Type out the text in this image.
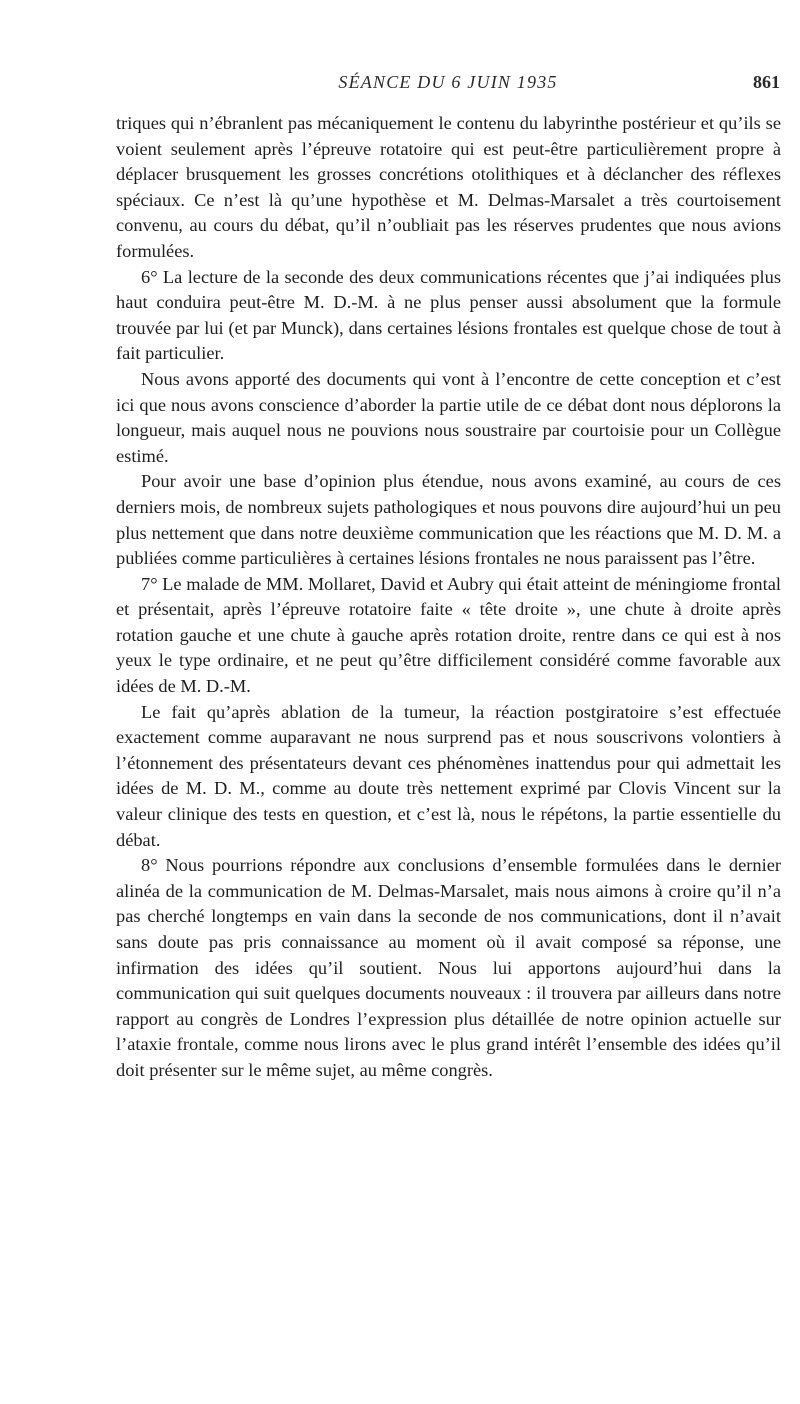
SÉANCE DU 6 JUIN 1935	861

triques qui n’ébranlent pas mécaniquement le contenu du labyrinthe postérieur et qu’ils se voient seulement après l’épreuve rotatoire qui est peut-être particulièrement propre à déplacer brusquement les grosses concrétions otolithiques et à déclancher des réflexes spéciaux. Ce n’est là qu’une hypothèse et M. Delmas-Marsalet a très courtoisement convenu, au cours du débat, qu’il n’oubliait pas les réserves prudentes que nous avions formulées.

6° La lecture de la seconde des deux communications récentes que j’ai indiquées plus haut conduira peut-être M. D.-M. à ne plus penser aussi absolument que la formule trouvée par lui (et par Munck), dans certaines lésions frontales est quelque chose de tout à fait particulier.

Nous avons apporté des documents qui vont à l’encontre de cette conception et c’est ici que nous avons conscience d’aborder la partie utile de ce débat dont nous déplorons la longueur, mais auquel nous ne pouvions nous soustraire par courtoisie pour un Collègue estimé.

Pour avoir une base d’opinion plus étendue, nous avons examiné, au cours de ces derniers mois, de nombreux sujets pathologiques et nous pouvons dire aujourd’hui un peu plus nettement que dans notre deuxième communication que les réactions que M. D. M. a publiées comme particulières à certaines lésions frontales ne nous paraissent pas l’être.

7° Le malade de MM. Mollaret, David et Aubry qui était atteint de méningiome frontal et présentait, après l’épreuve rotatoire faite « tête droite », une chute à droite après rotation gauche et une chute à gauche après rotation droite, rentre dans ce qui est à nos yeux le type ordinaire, et ne peut qu’être difficilement considéré comme favorable aux idées de M. D.-M.

Le fait qu’après ablation de la tumeur, la réaction postgiratoire s’est effectuée exactement comme auparavant ne nous surprend pas et nous souscrivons volontiers à l’étonnement des présentateurs devant ces phénomènes inattendus pour qui admettait les idées de M. D. M., comme au doute très nettement exprimé par Clovis Vincent sur la valeur clinique des tests en question, et c’est là, nous le répétons, la partie essentielle du débat.

8° Nous pourrions répondre aux conclusions d’ensemble formulées dans le dernier alinéa de la communication de M. Delmas-Marsalet, mais nous aimons à croire qu’il n’a pas cherché longtemps en vain dans la seconde de nos communications, dont il n’avait sans doute pas pris connaissance au moment où il avait composé sa réponse, une infirmation des idées qu’il soutient. Nous lui apportons aujourd’hui dans la communication qui suit quelques documents nouveaux : il trouvera par ailleurs dans notre rapport au congrès de Londres l’expression plus détaillée de notre opinion actuelle sur l’ataxie frontale, comme nous lirons avec le plus grand intérêt l’ensemble des idées qu’il doit présenter sur le même sujet, au même congrès.
